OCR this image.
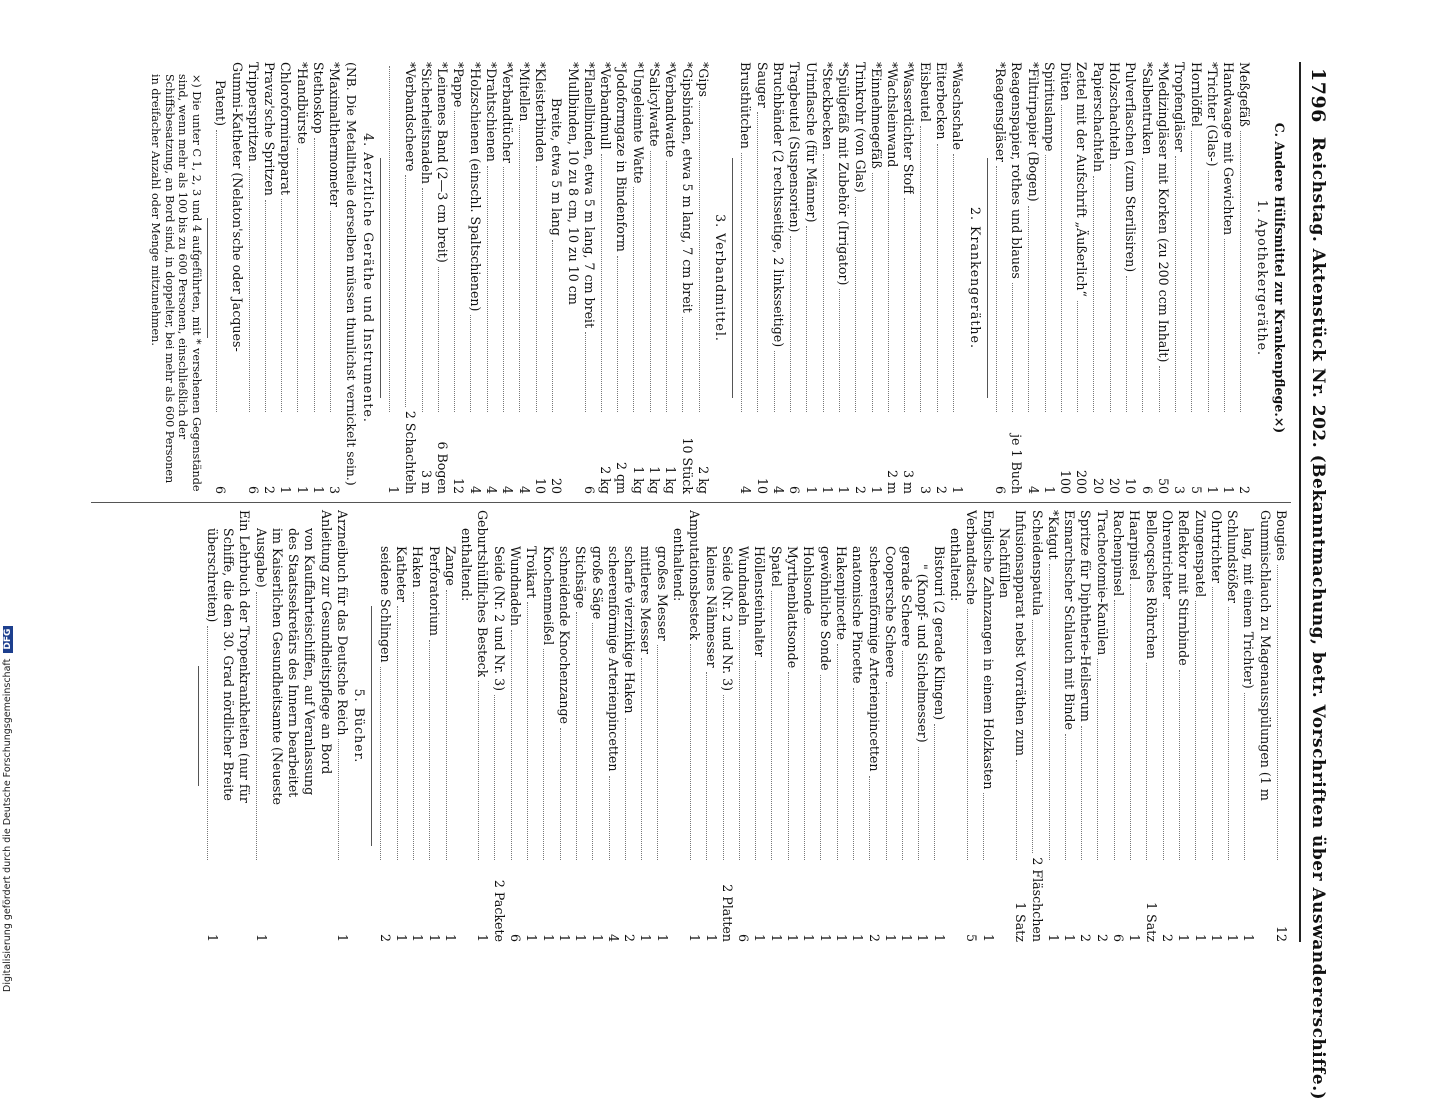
1796
Reichstag. Aktenstück Nr. 202. (Bekanntmachung, betr. Vorschriften über Auswandererschiffe.)
C. Andere Hülfsmittel zur Krankenpflege.×)
1. Apothekergeräthe.
Meßgefäß
2
Handwaage mit Gewichten
1
*Trichter (Glas-)
1
Hornlöffel
5
Tropfengläser
3
*Medizingläser mit Korken (zu 200 ccm Inhalt)
50
*Salbentruken
6
Pulverflaschen (zum Sterilisiren)
10
Holzschachteln
20
Papierschachteln
20
Zettel mit der Aufschrift „Äußerlich“
200
Düten
100
Spirituslampe
1
*Filtrirpapier (Bogen)
4
Reagenspapier, rothes und blaues
je 1 Buch
*Reagensgläser
6
2. Krankengeräthe.
*Waschschale
1
Eiterbecken
2
Eisbeutel
3
*Wasserdichter Stoff
3 m
*Wachsleinwand
2 m
*Einnehmegefäß
1
Trinkrohr (von Glas)
2
*Spülgefäß mit Zubehör (Irrigator)
1
*Steckbecken
1
Urinflasche (für Männer)
1
Tragbeutel (Suspensorien)
6
Bruchbänder (2 rechtsseitige, 2 linksseitige)
4
Sauger
10
Brusthütchen
4
3. Verbandmittel.
*Gips
2 kg
*Gipsbinden, etwa 5 m lang, 7 cm breit
10 Stück
*Verbandwatte
1 kg
*Salicylwatte
1 kg
*Ungeleimte Watte
1 kg
*Jodoformgaze in Bindenform
2 qm
*Verbandmull
2 kg
*Flanellbinden, etwa 5 m lang, 7 cm breit
6
*Mullbinden, 10 zu 8 cm, 10 zu 10 cm
Breite, etwa 5 m lang
20
*Kleisterbinden
10
*Mitellen
4
*Verbandtücher
4
*Drahtschienen
4
*Holzschienen (einschl. Spaltschienen)
4
*Pappe
12
*Leinenes Band (2—3 cm breit)
6 Bogen
*Sicherheitsnadeln
3 m
*Verbandscheere
2 Schachteln
1
4. Aerztliche Geräthe und Instrumente.
(NB. Die Metalltheile derselben müssen thunlichst vernickelt sein.)
*Maximalthermometer
3
Stethoskop
1
*Handbürste
1
Chloroformirapparat
1
Pravaz'sche Spritzen
2
Tripperspritzen
6
Gummi-Katheter (Nelaton'sche oder Jacques-
Patent)
6
×) Die unter C 1, 2, 3 und 4 aufgeführten, mit * versehenen Gegenstände sind, wenn mehr als 100 bis zu 600 Personen, einschließlich der Schiffsbesatzung, an Bord sind, in doppelter, bei mehr als 600 Personen in dreifacher Anzahl oder Menge mitzunehmen.
Bougies
12
Gummischlauch zu Magenausspülungen (1 m
lang, mit einem Trichter)
1
Schlundstößer
1
Ohrtrichter
1
Zungenspatel
1
Reflektor mit Stirnbinde
1
Ohrentrichter
2
Bellocqsches Röhrchen
1 Satz
Haarpinsel
1
Rachenpinsel
6
Tracheotomie-Kanülen
2
Spritze für Diphtherie-Heilserum
2
Esmarchscher Schlauch mit Binde
1
*Katgut
1
Scheidenspatula
2 Fläschchen
Infusionsapparat nebst Vorräthen zum
1 Satz
Nachfüllen
Englische Zahnzangen in einem Holzkasten
1
Verbandtasche
5
enthaltend:
Bistouri (2 gerade Klingen)
1
" (Knopf- und Sichelmesser)
1
gerade Scheere
1
Coopersche Scheere
1
scheerenförmige Arterienpincetten
2
anatomische Pincette
1
Hakenpincette
1
gewöhnliche Sonde
1
Hohlsonde
1
Myrthenblattsonde
1
Spatel
1
Höllensteinhalter
1
Wundnadeln
6
Seide (Nr. 2 und Nr. 3)
2 Platten
kleines Nähmesser
1
Amputationsbesteck
1
enthaltend:
großes Messer
1
mittleres Messer
1
scharfe vierzinkige Haken
2
scheerenförmige Arterienpincetten
4
große Säge
1
Stichsäge
1
schneidende Knochenzange
1
Knochenmeißel
1
Troikart
1
Wundnadeln
6
Seide (Nr. 2 und Nr. 3)
2 Packete
Geburtshülfliches Besteck
1
enthaltend:
Zange
1
Perforatorium
1
Haken
1
Katheter
1
seidene Schlingen
2
5. Bücher.
Arzneibuch für das Deutsche Reich
1
Anleitung zur Gesundheitspflege an Bord
von Kauffahrteischiffen, auf Veranlassung
des Staatssekretärs des Innern bearbeitet
im Kaiserlichen Gesundheitsamte (Neueste
Ausgabe)
1
Ein Lehrbuch der Tropenkrankheiten (nur für
Schiffe, die den 30. Grad nördlicher Breite
überschreiten)
1
Digitalisierung gefördert durch die Deutsche Forschungsgemeinschaft DFG
